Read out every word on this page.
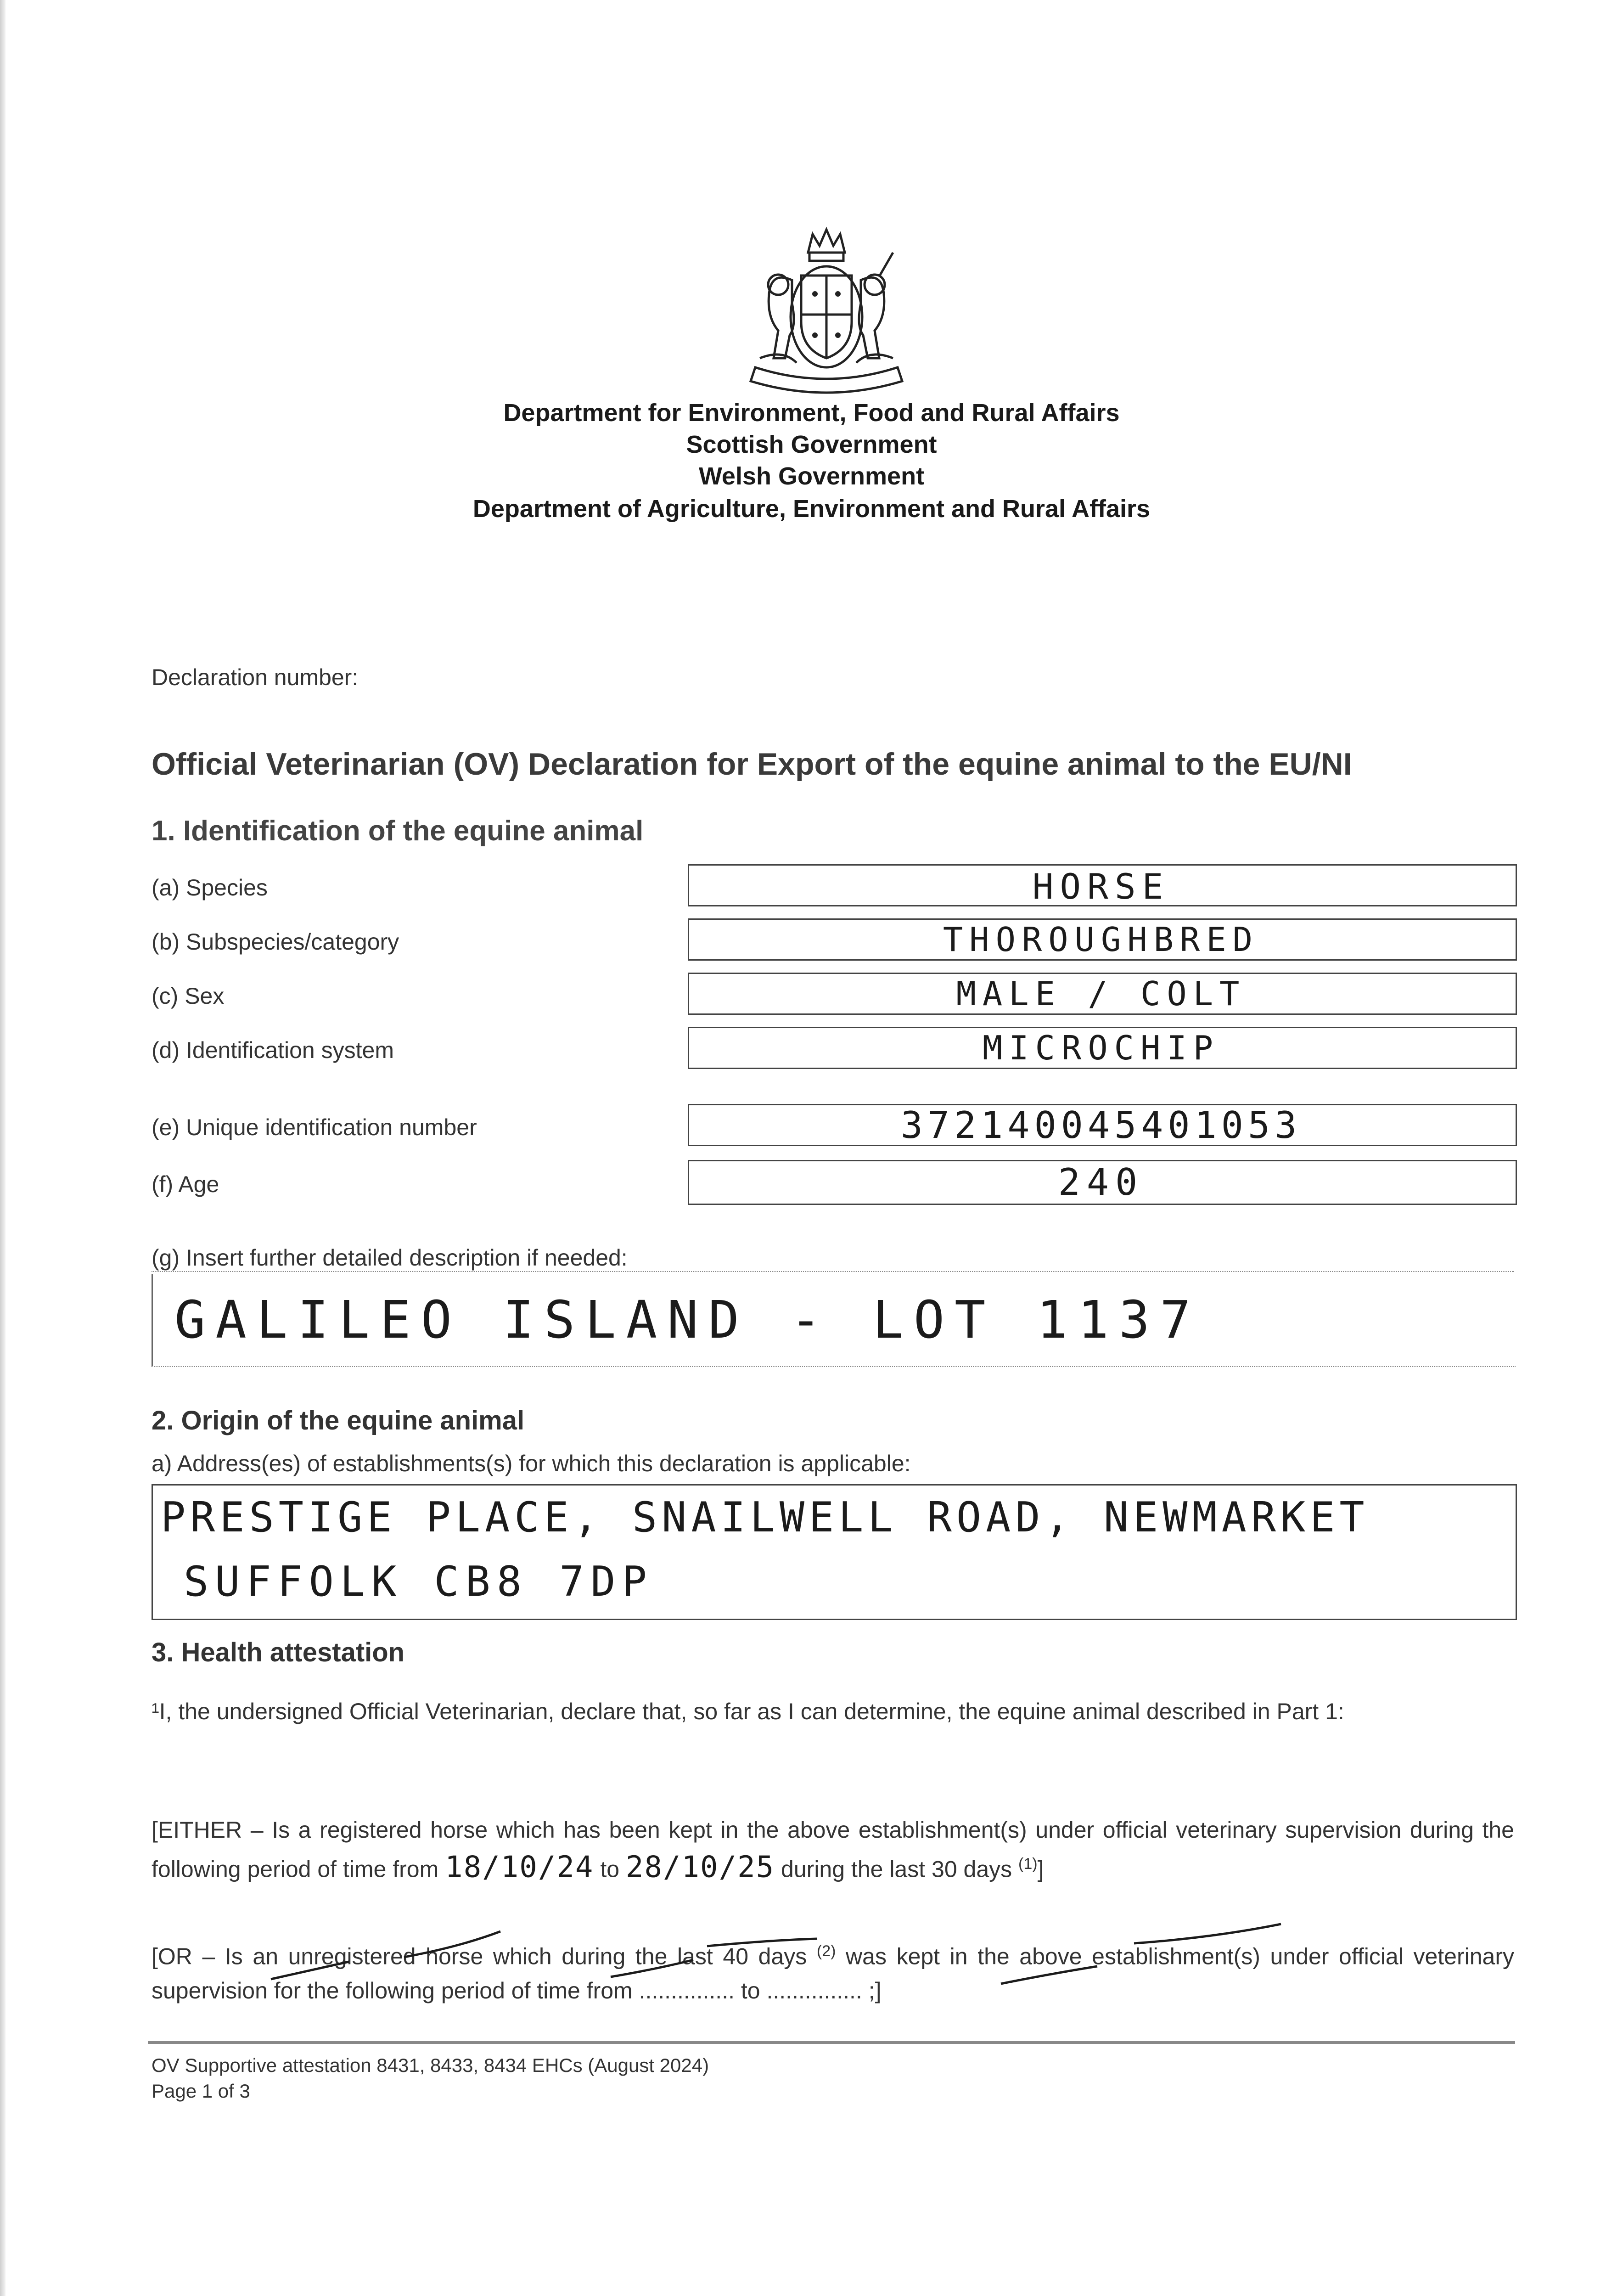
Department for Environment, Food and Rural Affairs
Scottish Government
Welsh Government
Department of Agriculture, Environment and Rural Affairs
Declaration number:
Official Veterinarian (OV) Declaration for Export of the equine animal to the EU/NI
1. Identification of the equine animal
(a) Species	HORSE
(b) Subspecies/category	THOROUGHBRED
(c) Sex	MALE / COLT
(d) Identification system	MICROCHIP
(e) Unique identification number	372140045401053
(f) Age	240
(g) Insert further detailed description if needed:
GALILEO ISLAND - LOT 1137
2. Origin of the equine animal
a) Address(es) of establishments(s) for which this declaration is applicable:
PRESTIGE PLACE, SNAILWELL ROAD, NEWMARKET
SUFFOLK CB8 7DP
3. Health attestation
¹I, the undersigned Official Veterinarian, declare that, so far as I can determine, the equine animal described in Part 1:
[EITHER – Is a registered horse which has been kept in the above establishment(s) under official veterinary supervision during the following period of time from 18/10/24 to 28/10/25 during the last 30 days $^{(1)}$]
[OR – Is an unregistered horse which during the last 40 days $^{(2)}$ was kept in the above establishment(s) under official veterinary supervision for the following period of time from ............... to ............... ;]
OV Supportive attestation 8431, 8433, 8434 EHCs (August 2024)
Page 1 of 3
